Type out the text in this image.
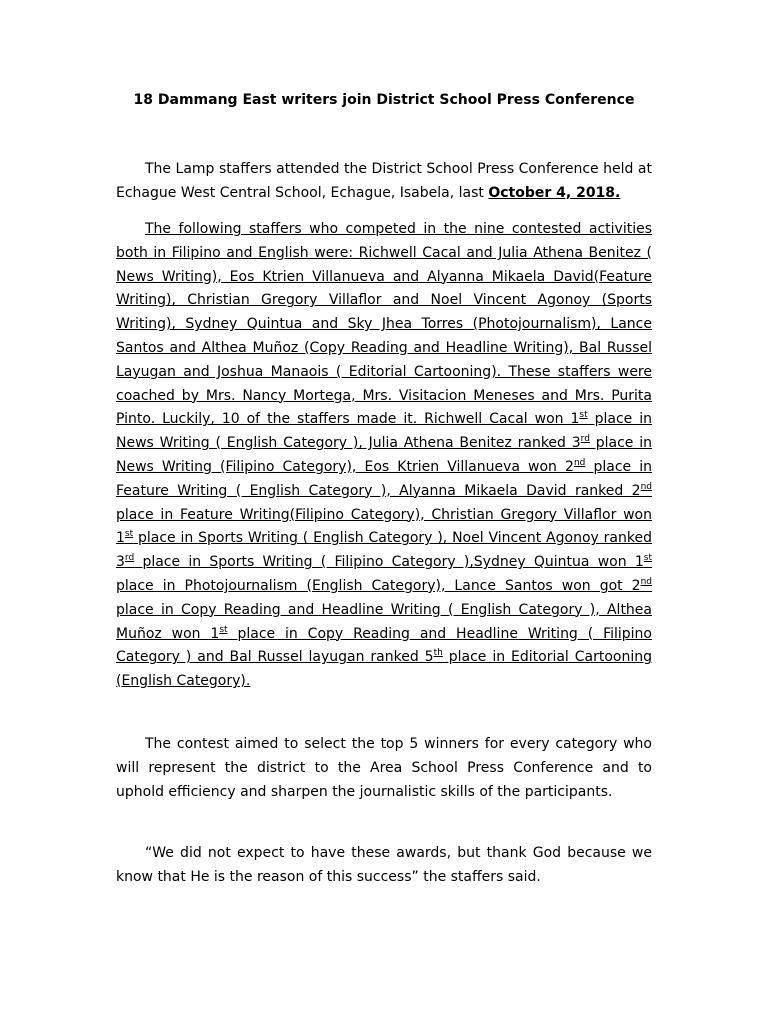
18 Dammang East writers join District School Press Conference

The Lamp staffers attended the District School Press Conference held at Echague West Central School, Echague, Isabela, last October 4, 2018.

The following staffers who competed in the nine contested activities both in Filipino and English were: Richwell Cacal and Julia Athena Benitez ( News Writing), Eos Ktrien Villanueva and Alyanna Mikaela David(Feature Writing), Christian Gregory Villaflor and Noel Vincent Agonoy (Sports Writing), Sydney Quintua and Sky Jhea Torres (Photojournalism), Lance Santos and Althea Muñoz (Copy Reading and Headline Writing), Bal Russel Layugan and Joshua Manaois ( Editorial Cartooning). These staffers were coached by Mrs. Nancy Mortega, Mrs. Visitacion Meneses and Mrs. Purita Pinto. Luckily, 10 of the staffers made it. Richwell Cacal won 1st place in News Writing ( English Category ), Julia Athena Benitez ranked 3rd place in News Writing (Filipino Category), Eos Ktrien Villanueva won 2nd place in Feature Writing ( English Category ), Alyanna Mikaela David ranked 2nd place in Feature Writing(Filipino Category), Christian Gregory Villaflor won 1st place in Sports Writing ( English Category ), Noel Vincent Agonoy ranked 3rd place in Sports Writing ( Filipino Category ),Sydney Quintua won 1st place in Photojournalism (English Category), Lance Santos won got 2nd place in Copy Reading and Headline Writing ( English Category ), Althea Muñoz won 1st place in Copy Reading and Headline Writing ( Filipino Category ) and Bal Russel layugan ranked 5th place in Editorial Cartooning (English Category).

The contest aimed to select the top 5 winners for every category who will represent the district to the Area School Press Conference and to uphold efficiency and sharpen the journalistic skills of the participants.

“We did not expect to have these awards, but thank God because we know that He is the reason of this success” the staffers said.
